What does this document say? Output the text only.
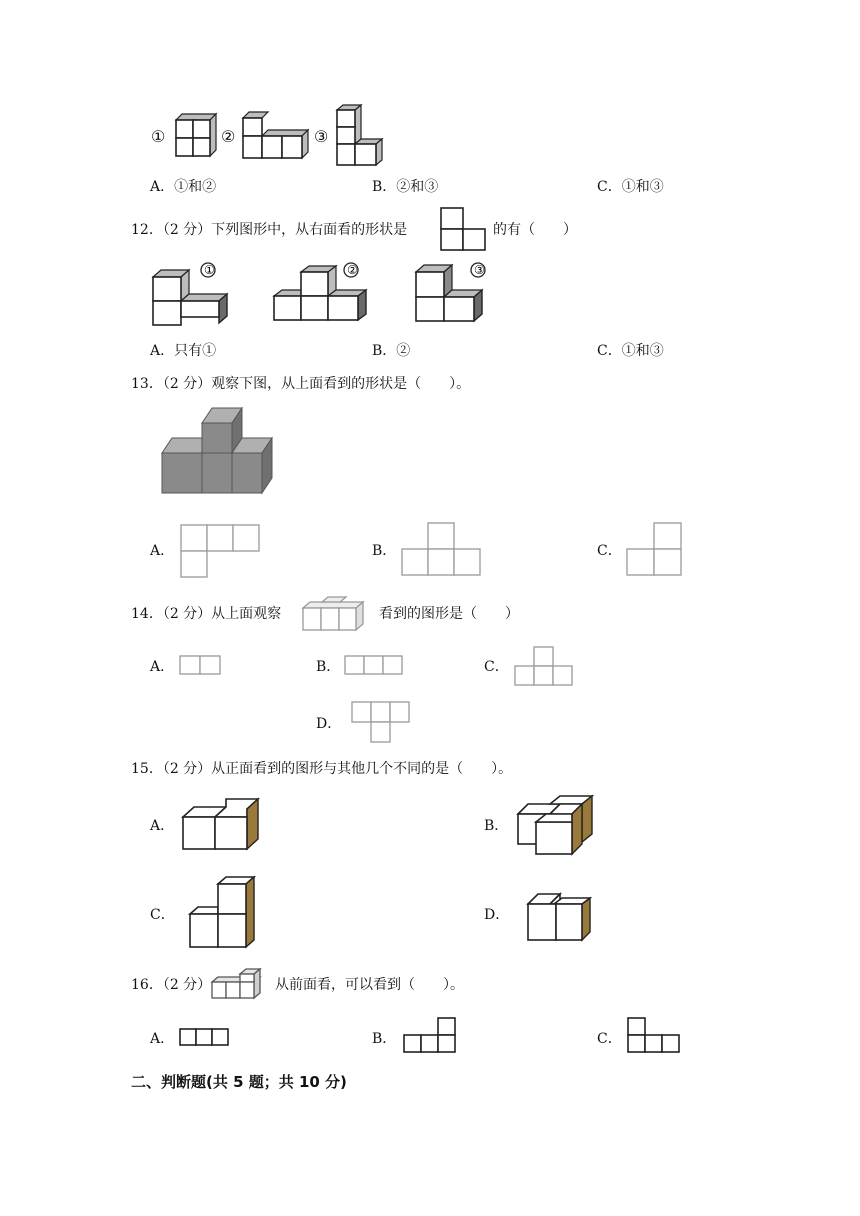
①	②	③
A．①和②	B．②和③	C．①和③
12．（2 分）下列图形中，从右面看的形状是	的有（　　）
①	②	③
A．只有①	B．②	C．①和③
13．（2 分）观察下图，从上面看到的形状是（　　）。
A．	B．	C．
14．（2 分）从上面观察	看到的图形是（　　）
A．	B．	C．
D．
15．（2 分）从正面看到的图形与其他几个不同的是（　　）。
A．	B．
C．	D．
16．（2 分）	从前面看，可以看到（　　）。
A．	B．	C．
二、判断题(共 5 题；共 10 分)
